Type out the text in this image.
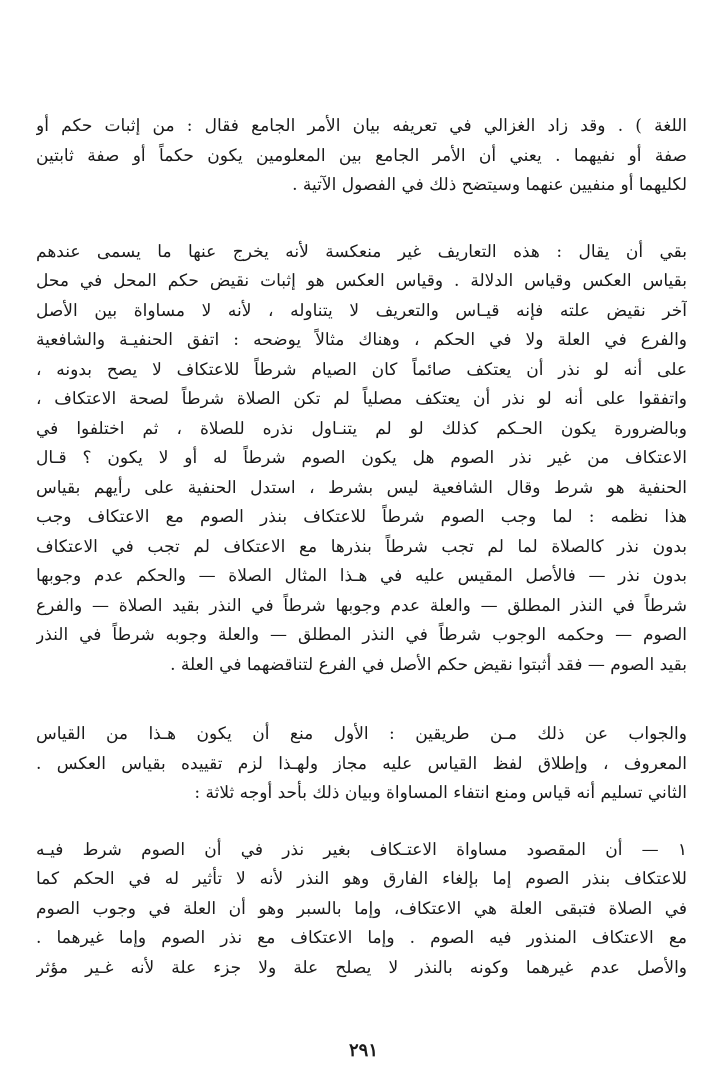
اللغة ) . وقد زاد الغزالي في تعريفه بيان الأمر الجامع فقال : من إثبات حكم أو
صفة أو نفيهما . يعني أن الأمر الجامع بين المعلومين يكون حكماً أو صفة ثابتين
لكليهما أو منفيين عنهما وسيتضح ذلك في الفصول الآتية .

بقي أن يقال : هذه التعاريف غير منعكسة لأنه يخرج عنها ما يسمى عندهم
بقياس العكس وقياس الدلالة . وقياس العكس هو إثبات نقيض حكم المحل في محل
آخر نقيض علته فإنه قيـاس والتعريف لا يتناوله ، لأنه لا مساواة بين الأصل
والفرع في العلة ولا في الحكم ، وهناك مثالاً يوضحه : اتفق الحنفيـة والشافعية
على أنه لو نذر أن يعتكف صائماً كان الصيام شرطاً للاعتكاف لا يصح بدونه ،
واتفقوا على أنه لو نذر أن يعتكف مصلياً لم تكن الصلاة شرطاً لصحة الاعتكاف ،
وبالضرورة يكون الحـكم كذلك لو لم يتنـاول نذره للصلاة ، ثم اختلفوا في
الاعتكاف من غير نذر الصوم هل يكون الصوم شرطاً له أو لا يكون ؟ قـال
الحنفية هو شرط وقال الشافعية ليس بشرط ، استدل الحنفية على رأيهم بقياس
هذا نظمه : لما وجب الصوم شرطاً للاعتكاف بنذر الصوم مع الاعتكاف وجب
بدون نذر كالصلاة لما لم تجب شرطاً بنذرها مع الاعتكاف لم تجب في الاعتكاف
بدون نذر — فالأصل المقيس عليه في هـذا المثال الصلاة — والحكم عدم وجوبها
شرطاً في النذر المطلق — والعلة عدم وجوبها شرطاً في النذر بقيد الصلاة — والفرع
الصوم — وحكمه الوجوب شرطاً في النذر المطلق — والعلة وجوبه شرطاً في النذر
بقيد الصوم — فقد أثبتوا نقيض حكم الأصل في الفرع لتناقضهما في العلة .

والجواب عن ذلك مـن طريقين : الأول منع أن يكون هـذا من القياس
المعروف ، وإطلاق لفظ القياس عليه مجاز ولهـذا لزم تقييده بقياس العكس .
الثاني تسليم أنه قياس ومنع انتفاء المساواة وبيان ذلك بأحد أوجه ثلاثة :

١ — أن المقصود مساواة الاعتـكاف بغير نذر في أن الصوم شرط فيـه
للاعتكاف بنذر الصوم إما بإلغاء الفارق وهو النذر لأنه لا تأثير له في الحكم كما
في الصلاة فتبقى العلة هي الاعتكاف، وإما بالسبر وهو أن العلة في وجوب الصوم
مع الاعتكاف المنذور فيه الصوم . وإما الاعتكاف مع نذر الصوم وإما غيرهما .
والأصل عدم غيرهما وكونه بالنذر لا يصلح علة ولا جزء علة لأنه غـير مؤثر

٢٩١
